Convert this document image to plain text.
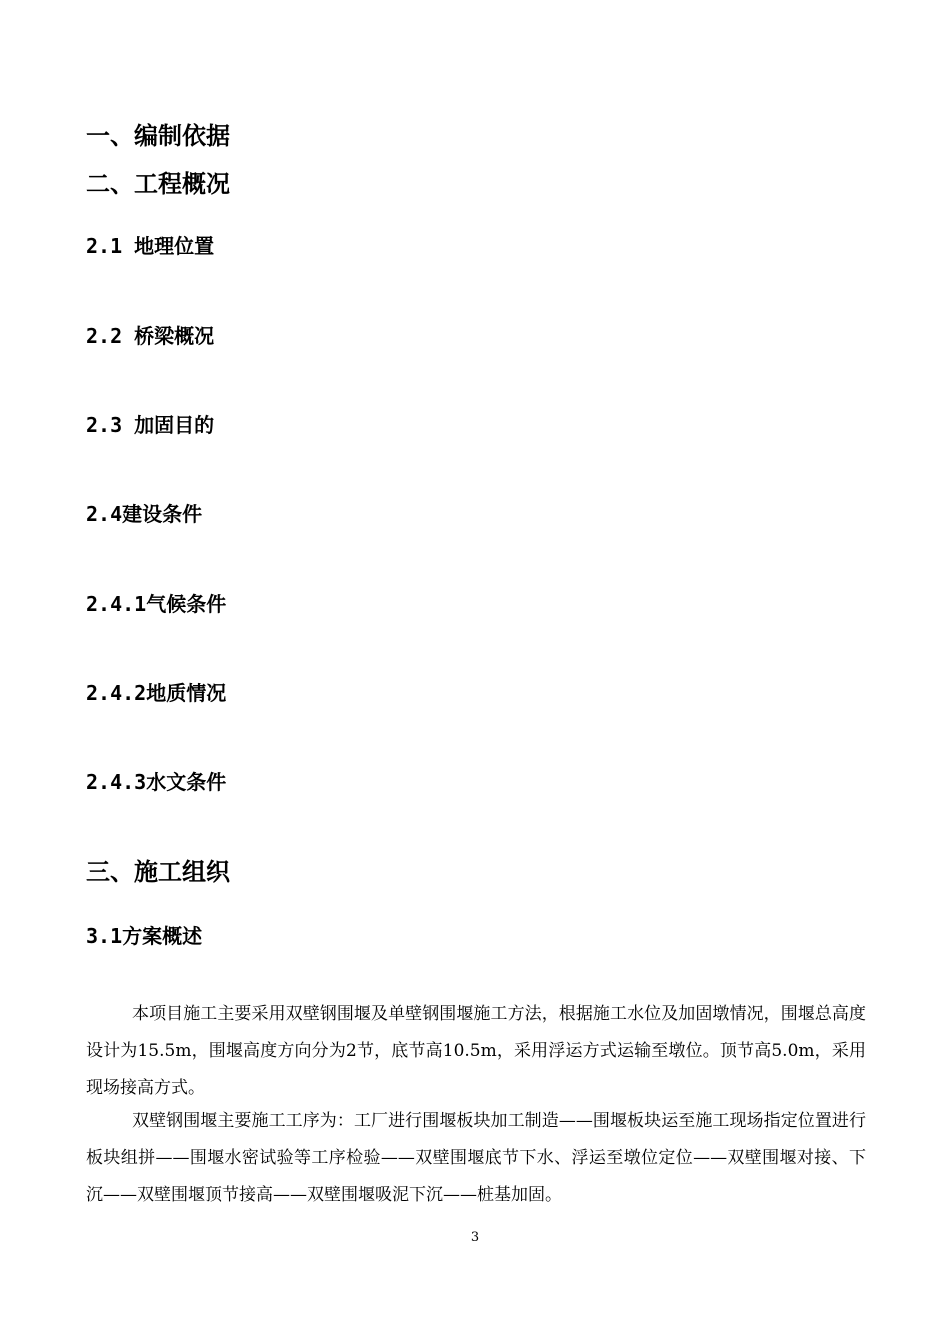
一、编制依据
二、工程概况
2.1 地理位置
2.2 桥梁概况
2.3 加固目的
2.4建设条件
2.4.1气候条件
2.4.2地质情况
2.4.3水文条件
三、施工组织
3.1方案概述

本项目施工主要采用双壁钢围堰及单壁钢围堰施工方法，根据施工水位及加固墩情况，围堰总高度设计为15.5m，围堰高度方向分为2节，底节高10.5m，采用浮运方式运输至墩位。顶节高5.0m，采用现场接高方式。

双壁钢围堰主要施工工序为：工厂进行围堰板块加工制造——围堰板块运至施工现场指定位置进行板块组拼——围堰水密试验等工序检验——双壁围堰底节下水、浮运至墩位定位——双壁围堰对接、下沉——双壁围堰顶节接高——双壁围堰吸泥下沉——桩基加固。

3
